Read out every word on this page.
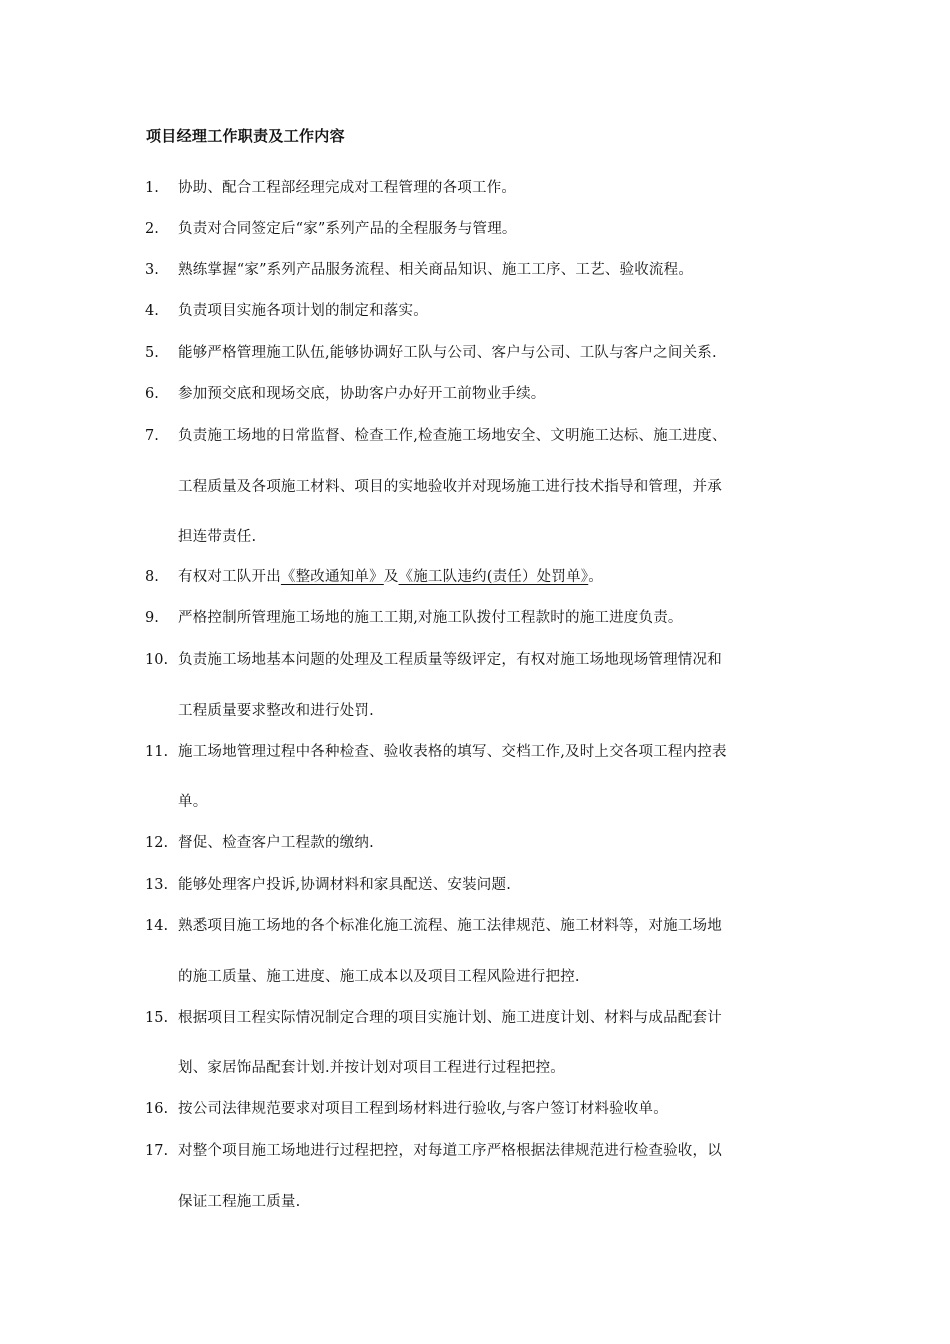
项目经理工作职责及工作内容
1.	协助、配合工程部经理完成对工程管理的各项工作。
2.	负责对合同签定后“家”系列产品的全程服务与管理。
3.	熟练掌握“家”系列产品服务流程、相关商品知识、施工工序、工艺、验收流程。
4.	负责项目实施各项计划的制定和落实。
5.	能够严格管理施工队伍,能够协调好工队与公司、客户与公司、工队与客户之间关系.
6.	参加预交底和现场交底，协助客户办好开工前物业手续。
7.	负责施工场地的日常监督、检查工作,检查施工场地安全、文明施工达标、施工进度、
工程质量及各项施工材料、项目的实地验收并对现场施工进行技术指导和管理，并承
担连带责任.
8.	有权对工队开出《整改通知单》及《施工队违约(责任）处罚单》。
9.	严格控制所管理施工场地的施工工期,对施工队拨付工程款时的施工进度负责。
10. 负责施工场地基本问题的处理及工程质量等级评定，有权对施工场地现场管理情况和
工程质量要求整改和进行处罚.
11. 施工场地管理过程中各种检查、验收表格的填写、交档工作,及时上交各项工程内控表
单。
12. 督促、检查客户工程款的缴纳.
13. 能够处理客户投诉,协调材料和家具配送、安装问题.
14. 熟悉项目施工场地的各个标准化施工流程、施工法律规范、施工材料等，对施工场地
的施工质量、施工进度、施工成本以及项目工程风险进行把控.
15. 根据项目工程实际情况制定合理的项目实施计划、施工进度计划、材料与成品配套计
划、家居饰品配套计划.并按计划对项目工程进行过程把控。
16. 按公司法律规范要求对项目工程到场材料进行验收,与客户签订材料验收单。
17. 对整个项目施工场地进行过程把控，对每道工序严格根据法律规范进行检查验收，以
保证工程施工质量.
